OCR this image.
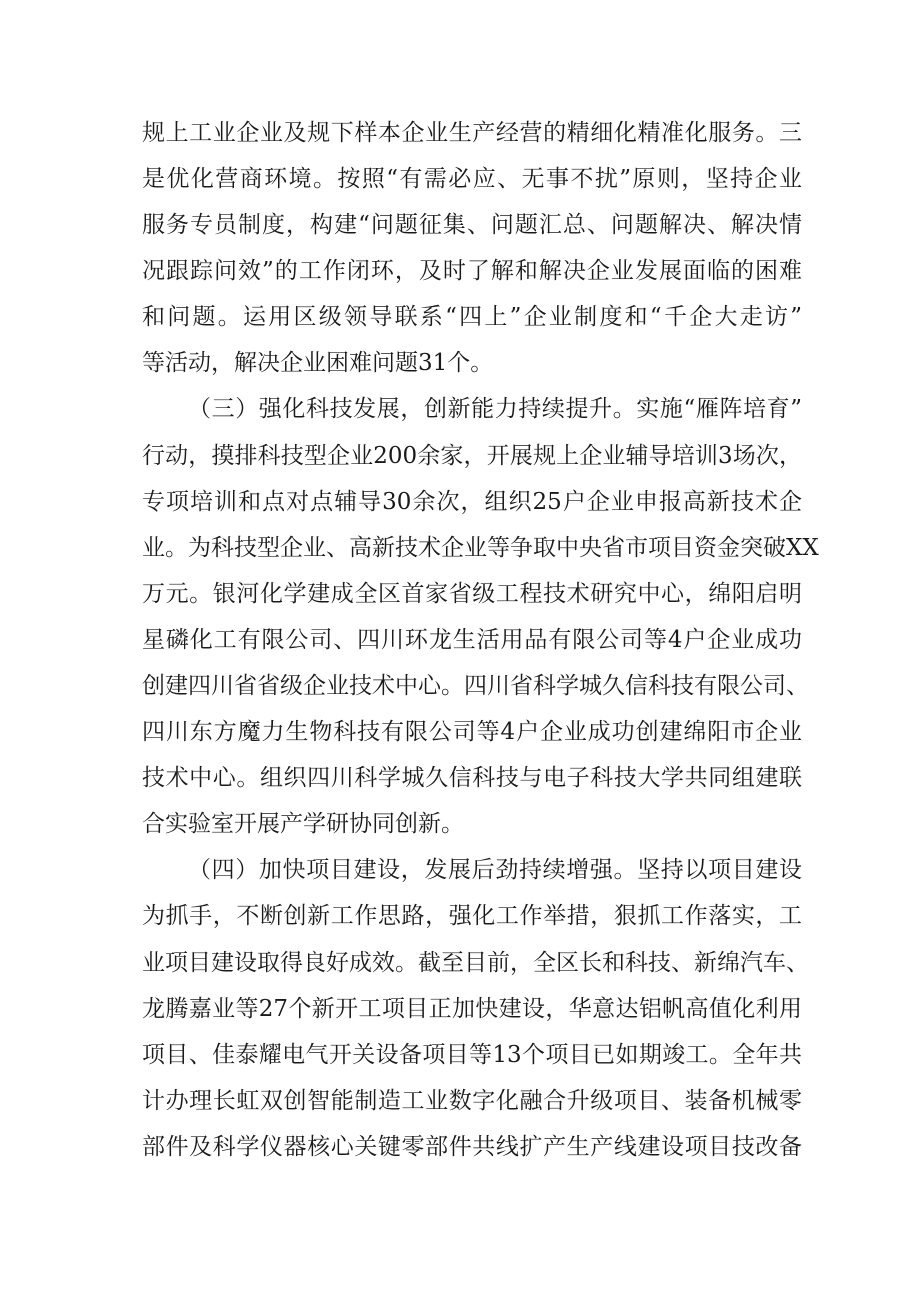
规上工业企业及规下样本企业生产经营的精细化精准化服务。三
是优化营商环境。按照“有需必应、无事不扰”原则，坚持企业
服务专员制度，构建“问题征集、问题汇总、问题解决、解决情
况跟踪问效”的工作闭环，及时了解和解决企业发展面临的困难
和问题。运用区级领导联系“四上”企业制度和“千企大走访”
等活动，解决企业困难问题31个。
（三）强化科技发展，创新能力持续提升。实施“雁阵培育”
行动，摸排科技型企业200余家，开展规上企业辅导培训3场次，
专项培训和点对点辅导30余次，组织25户企业申报高新技术企
业。为科技型企业、高新技术企业等争取中央省市项目资金突破XX
万元。银河化学建成全区首家省级工程技术研究中心，绵阳启明
星磷化工有限公司、四川环龙生活用品有限公司等4户企业成功
创建四川省省级企业技术中心。四川省科学城久信科技有限公司、
四川东方魔力生物科技有限公司等4户企业成功创建绵阳市企业
技术中心。组织四川科学城久信科技与电子科技大学共同组建联
合实验室开展产学研协同创新。
（四）加快项目建设，发展后劲持续增强。坚持以项目建设
为抓手，不断创新工作思路，强化工作举措，狠抓工作落实，工
业项目建设取得良好成效。截至目前，全区长和科技、新绵汽车、
龙腾嘉业等27个新开工项目正加快建设，华意达铝帆高值化利用
项目、佳泰耀电气开关设备项目等13个项目已如期竣工。全年共
计办理长虹双创智能制造工业数字化融合升级项目、装备机械零
部件及科学仪器核心关键零部件共线扩产生产线建设项目技改备
